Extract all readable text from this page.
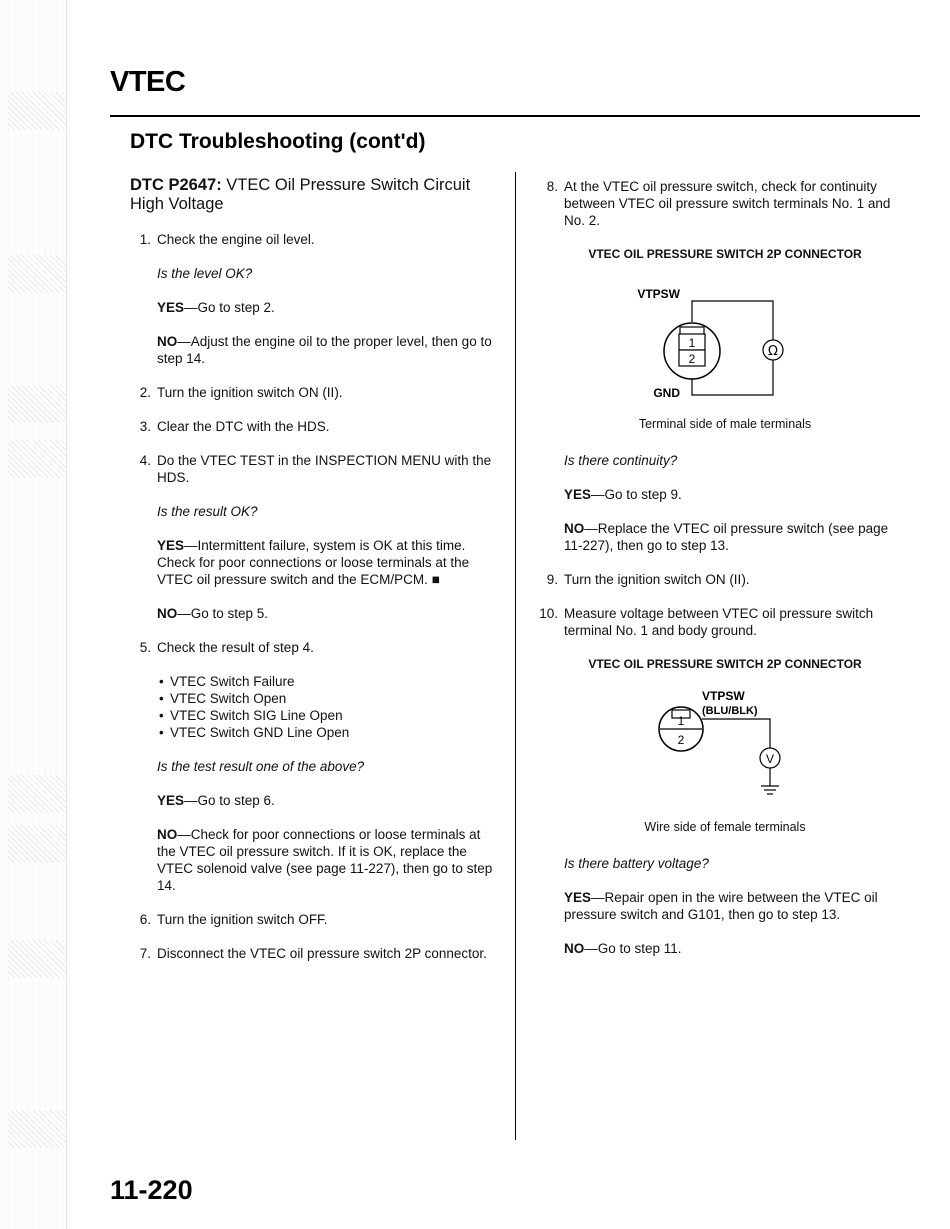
VTEC
DTC Troubleshooting (cont'd)
DTC P2647: VTEC Oil Pressure Switch Circuit High Voltage
1. Check the engine oil level.
Is the level OK?
YES—Go to step 2.
NO—Adjust the engine oil to the proper level, then go to step 14.
2. Turn the ignition switch ON (II).
3. Clear the DTC with the HDS.
4. Do the VTEC TEST in the INSPECTION MENU with the HDS.
Is the result OK?
YES—Intermittent failure, system is OK at this time. Check for poor connections or loose terminals at the VTEC oil pressure switch and the ECM/PCM. ■
NO—Go to step 5.
5. Check the result of step 4.
• VTEC Switch Failure
• VTEC Switch Open
• VTEC Switch SIG Line Open
• VTEC Switch GND Line Open
Is the test result one of the above?
YES—Go to step 6.
NO—Check for poor connections or loose terminals at the VTEC oil pressure switch. If it is OK, replace the VTEC solenoid valve (see page 11-227), then go to step 14.
6. Turn the ignition switch OFF.
7. Disconnect the VTEC oil pressure switch 2P connector.
8. At the VTEC oil pressure switch, check for continuity between VTEC oil pressure switch terminals No. 1 and No. 2.
VTEC OIL PRESSURE SWITCH 2P CONNECTOR
VTPSW
GND
1
2	Ω
Terminal side of male terminals
Is there continuity?
YES—Go to step 9.
NO—Replace the VTEC oil pressure switch (see page 11-227), then go to step 13.
9. Turn the ignition switch ON (II).
10. Measure voltage between VTEC oil pressure switch terminal No. 1 and body ground.
VTEC OIL PRESSURE SWITCH 2P CONNECTOR
VTPSW
(BLU/BLK)
1
2
V
Wire side of female terminals
Is there battery voltage?
YES—Repair open in the wire between the VTEC oil pressure switch and G101, then go to step 13.
NO—Go to step 11.
11-220
